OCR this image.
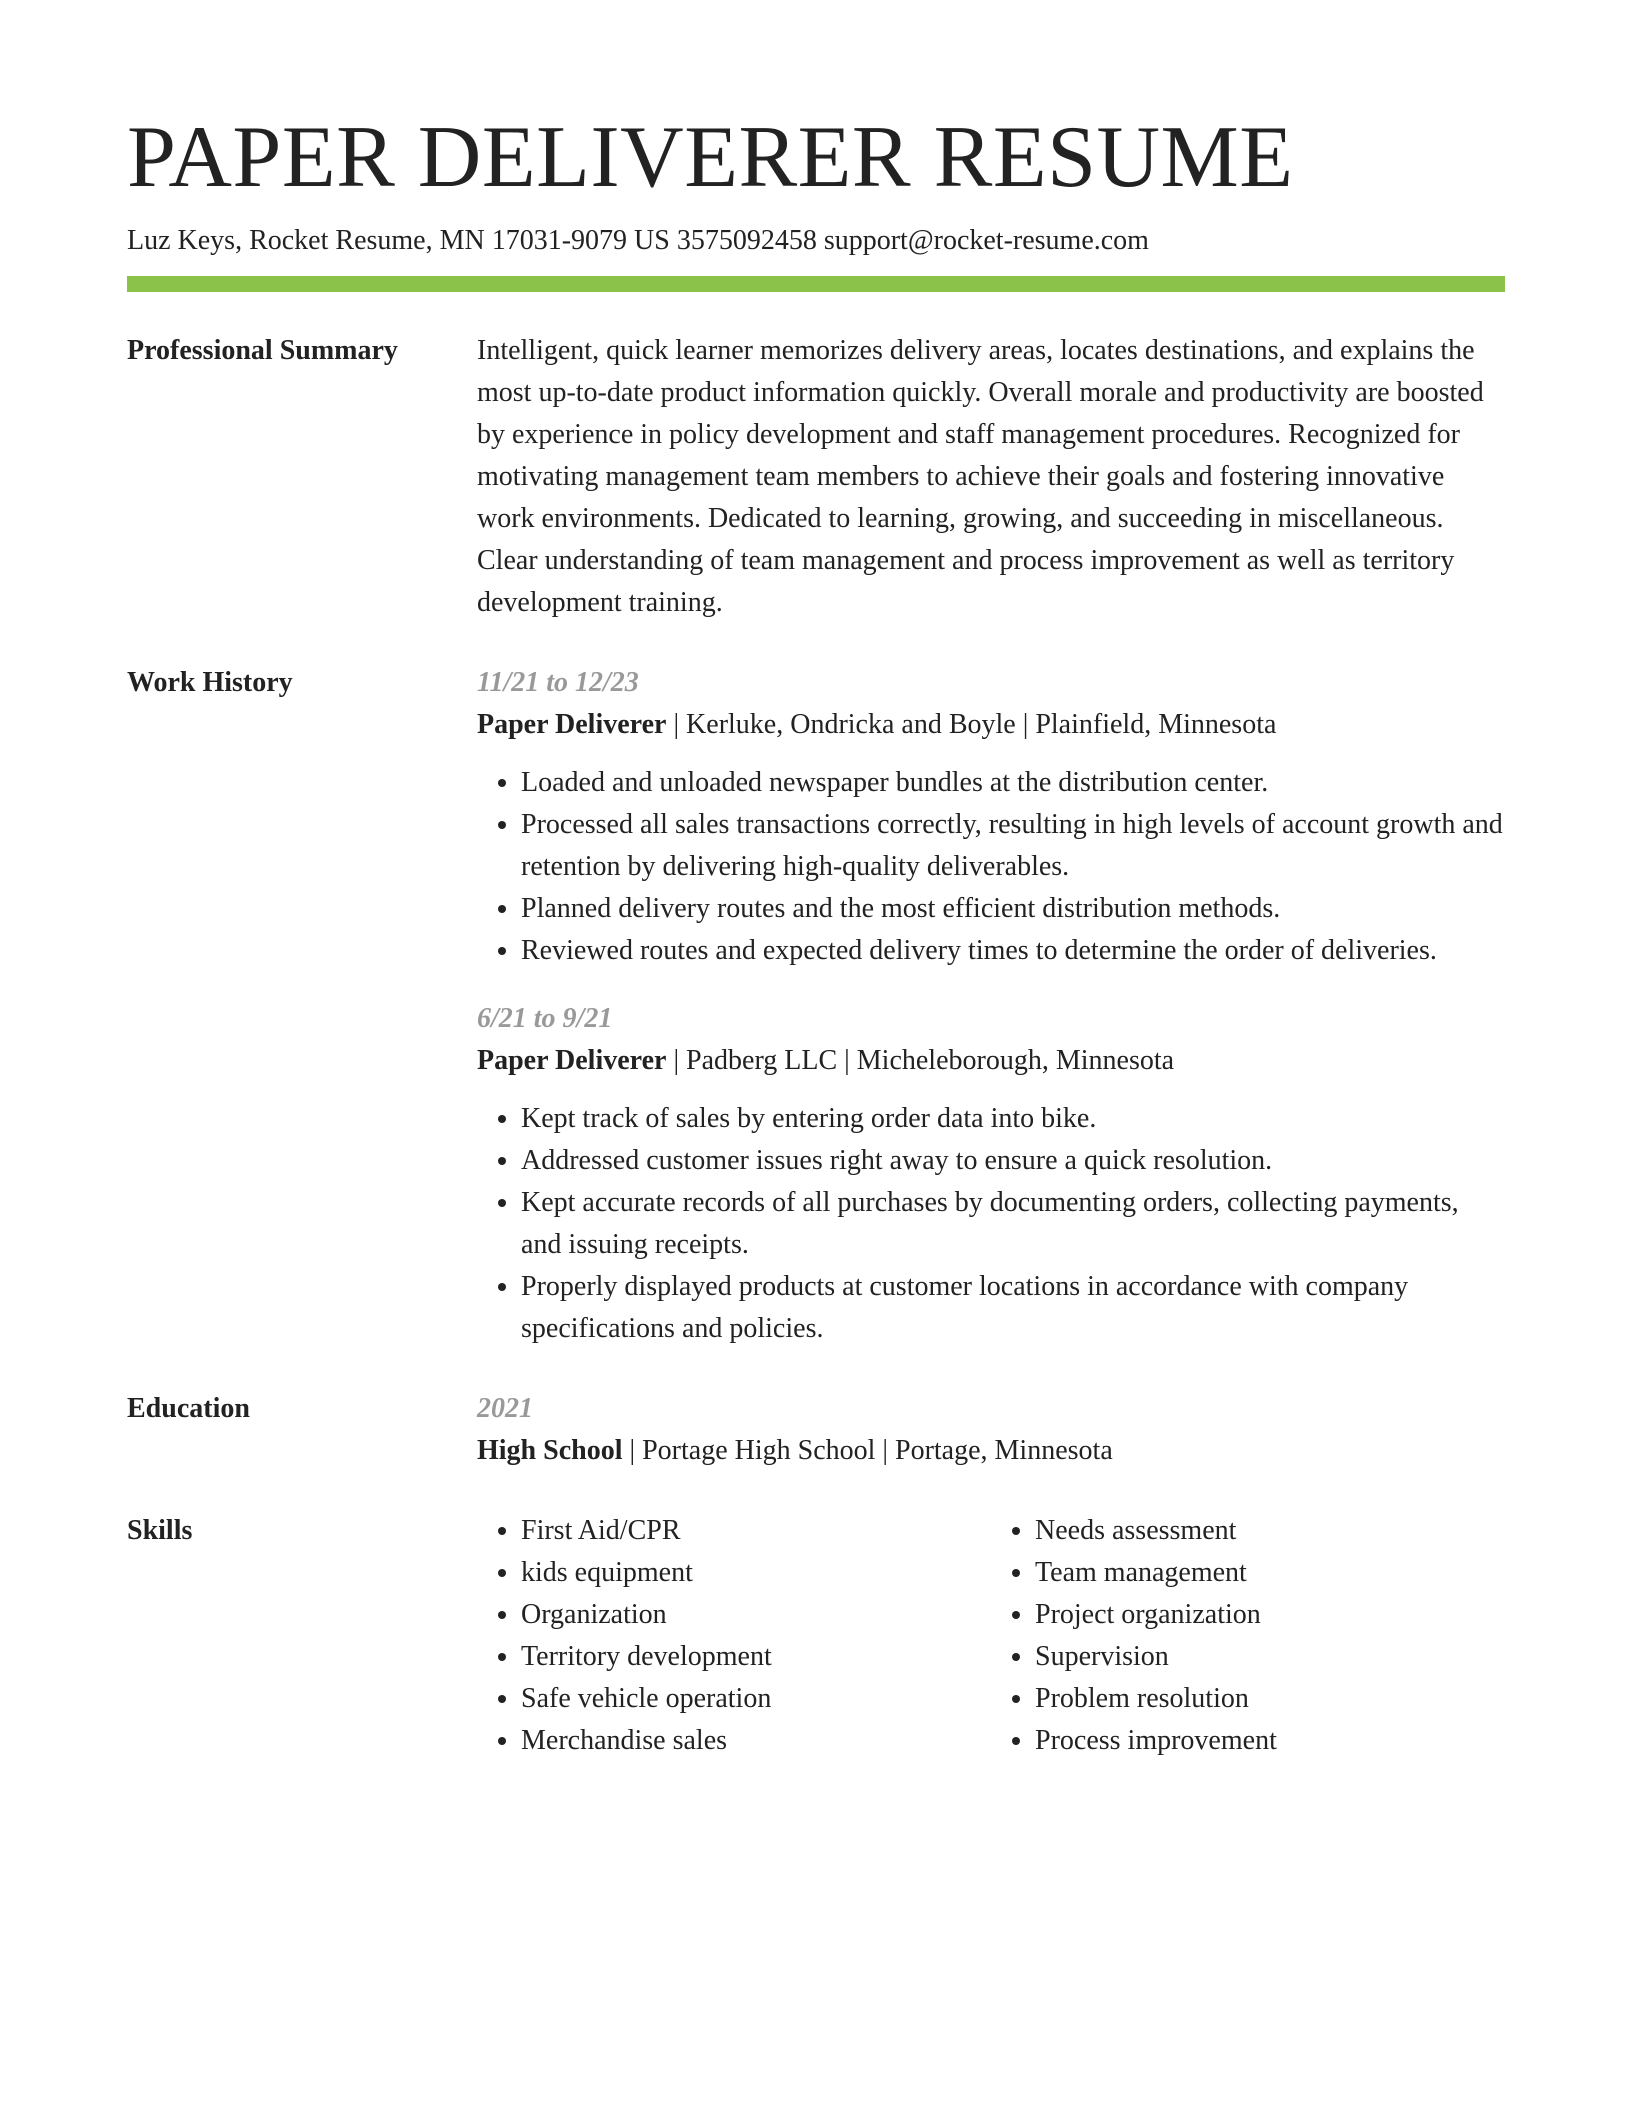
PAPER DELIVERER RESUME
Luz Keys, Rocket Resume, MN 17031-9079 US 3575092458 support@rocket-resume.com
Professional Summary	Intelligent, quick learner memorizes delivery areas, locates destinations, and explains the most up-to-date product information quickly. Overall morale and productivity are boosted by experience in policy development and staff management procedures. Recognized for motivating management team members to achieve their goals and fostering innovative work environments. Dedicated to learning, growing, and succeeding in miscellaneous. Clear understanding of team management and process improvement as well as territory development training.

Work History	11/21 to 12/23
Paper Deliverer | Kerluke, Ondricka and Boyle | Plainfield, Minnesota
• Loaded and unloaded newspaper bundles at the distribution center.
• Processed all sales transactions correctly, resulting in high levels of account growth and retention by delivering high-quality deliverables.
• Planned delivery routes and the most efficient distribution methods.
• Reviewed routes and expected delivery times to determine the order of deliveries.
6/21 to 9/21
Paper Deliverer | Padberg LLC | Micheleborough, Minnesota
• Kept track of sales by entering order data into bike.
• Addressed customer issues right away to ensure a quick resolution.
• Kept accurate records of all purchases by documenting orders, collecting payments, and issuing receipts.
• Properly displayed products at customer locations in accordance with company specifications and policies.
Education	2021
High School | Portage High School | Portage, Minnesota
Skills
•	First Aid/CPR
• kids equipment
• Organization
• Territory development
• Safe vehicle operation
• Merchandise sales
• Needs assessment
• Team management
• Project organization
• Supervision
• Problem resolution
• Process improvement
